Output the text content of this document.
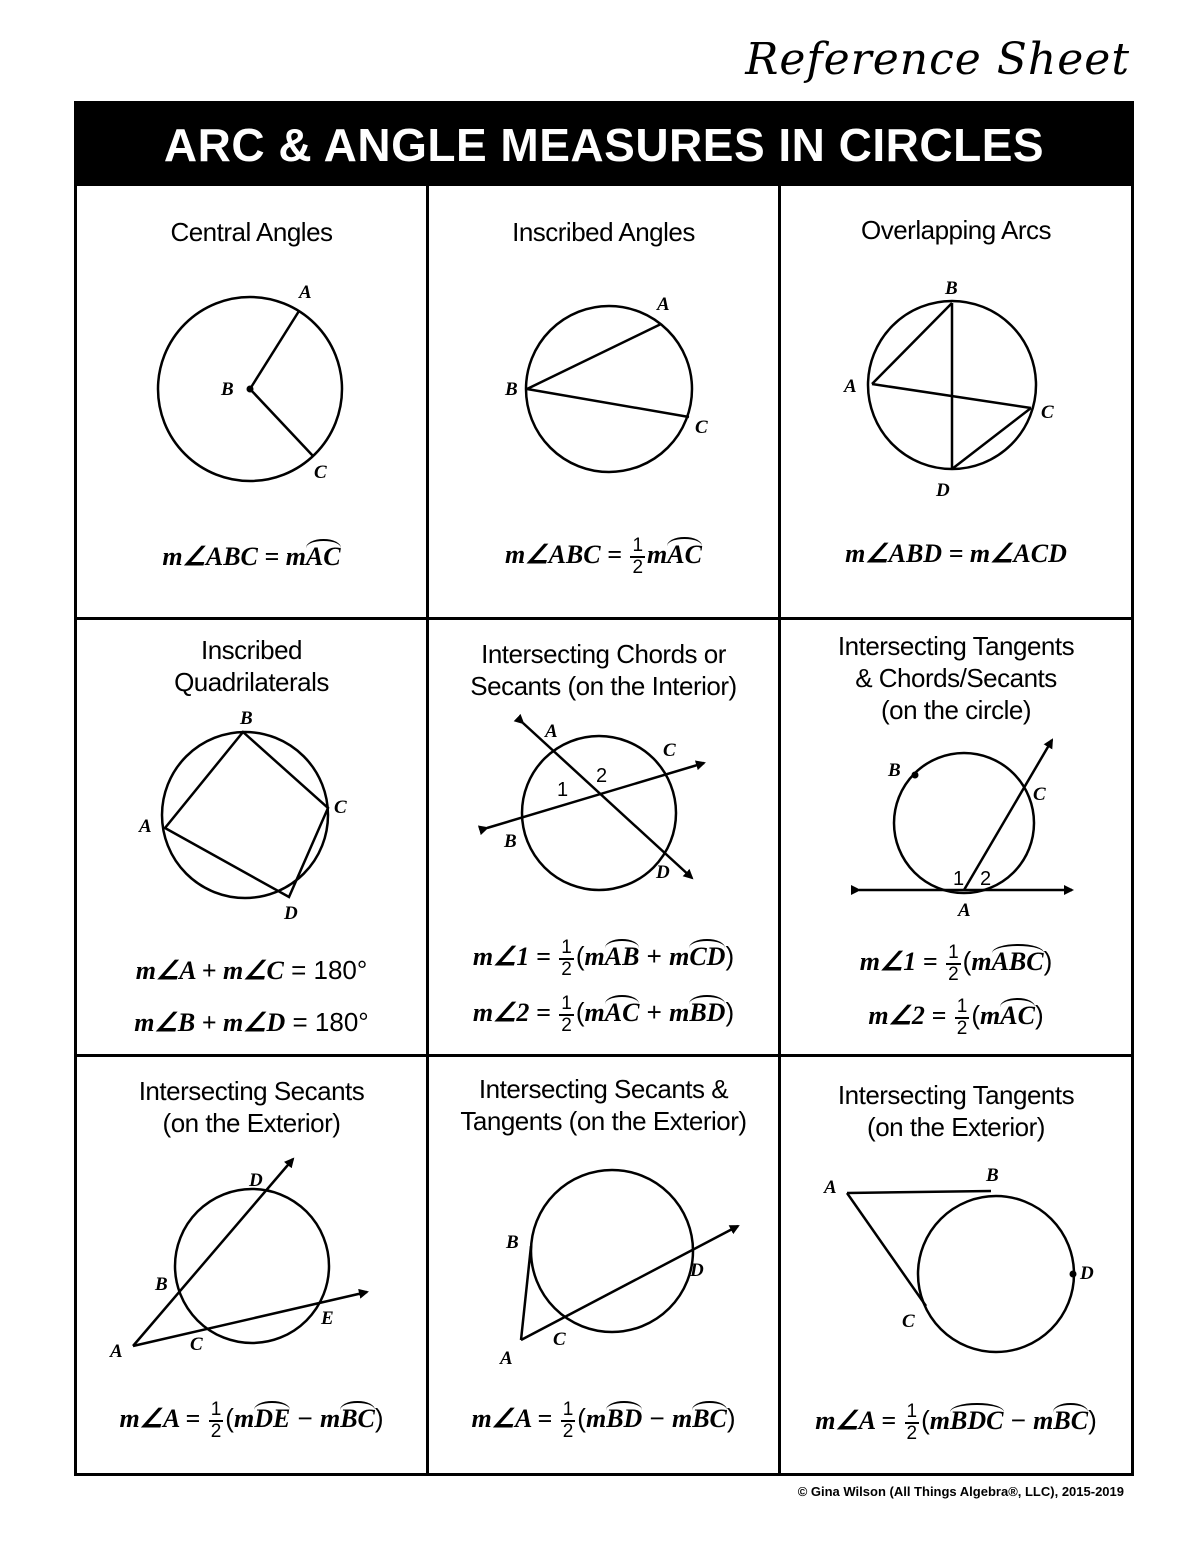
Reference Sheet
ARC & ANGLE MEASURES IN CIRCLES
Central Angles
A
B
C
m∠ABC = mAC
Inscribed Angles
A
B
C
m∠ABC = $\frac{1}{2}$ mAC
Overlapping Arcs
B
A
C
D
m∠ABD = m∠ACD
Inscribed
Quadrilaterals
B
A
C
D
m∠A + m∠C = 180°
m∠B + m∠D = 180°
Intersecting Chords or
Secants (on the Interior)
A
C
B
D
1
2
m∠1 = $\frac{1}{2} (mAB + mCD)$
m∠2 = $\frac{1}{2} (mAC + mBD)$
Intersecting Tangents
& Chords/Secants
(on the circle)
B
C
A
1 2
m∠1 = $\frac{1}{2}$ (mABC)
m∠2 = $\frac{1}{2} (mAC)$
Intersecting Secants
(on the Exterior)
D
B
E
A	C
m∠A = $\frac{1}{2} (mDE - mBC)$
Intersecting Secants &
Tangents (on the Exterior)
B
D
C
A
m∠A = $\frac{1}{2} (mBD - mBC)$
Intersecting Tangents
(on the Exterior)
A
B
D
C
m∠A = $\frac{1}{2}$ (mBDC − mBC)
© Gina Wilson (All Things Algebra®, LLC), 2015-2019
